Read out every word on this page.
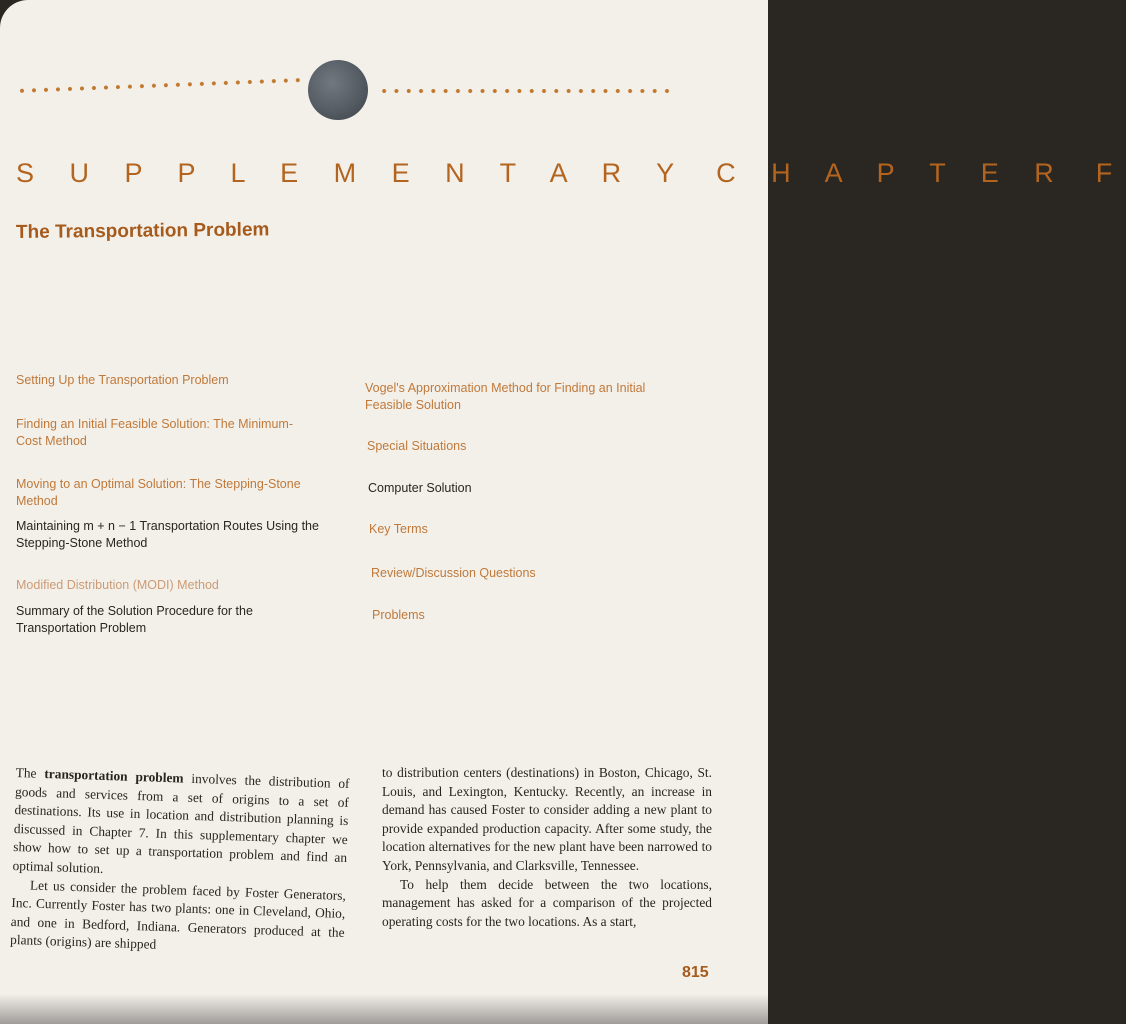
S U P P L E M E N T A R Y C H A P T E R F
The Transportation Problem
Setting Up the Transportation Problem
Finding an Initial Feasible Solution: The Minimum-Cost Method
Moving to an Optimal Solution: The Stepping-Stone Method
Maintaining m + n − 1 Transportation Routes Using the Stepping-Stone Method
Modified Distribution (MODI) Method
Summary of the Solution Procedure for the Transportation Problem
Vogel's Approximation Method for Finding an Initial Feasible Solution
Special Situations
Computer Solution
Key Terms
Review/Discussion Questions
Problems
The transportation problem involves the distribution of goods and services from a set of origins to a set of destinations. Its use in location and distribution planning is discussed in Chapter 7. In this supplementary chapter we show how to set up a transportation problem and find an optimal solution.
Let us consider the problem faced by Foster Generators, Inc. Currently Foster has two plants: one in Cleveland, Ohio, and one in Bedford, Indiana. Generators produced at the plants (origins) are shipped
to distribution centers (destinations) in Boston, Chicago, St. Louis, and Lexington, Kentucky. Recently, an increase in demand has caused Foster to consider adding a new plant to provide expanded production capacity. After some study, the location alternatives for the new plant have been narrowed to York, Pennsylvania, and Clarksville, Tennessee.
To help them decide between the two locations, management has asked for a comparison of the projected operating costs for the two locations. As a start,
815
